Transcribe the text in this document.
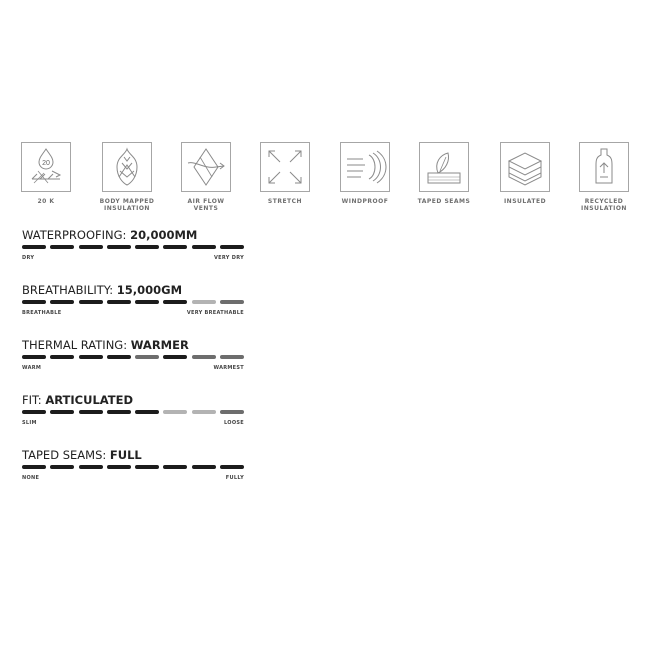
20
20 K	BODY MAPPED
INSULATION
AIR FLOW
VENTS
STRETCH	WINDPROOF	TAPED SEAMS	INSULATED	RECYCLED
INSULATION
WATERPROOFING: 20,000MM
DRY	VERY DRY
BREATHABILITY: 15,000GM
BREATHABLE	VERY BREATHABLE
THERMAL RATING: WARMER
WARM	WARMEST
FIT: ARTICULATED
SLIM	LOOSE
TAPED SEAMS: FULL
NONE	FULLY
